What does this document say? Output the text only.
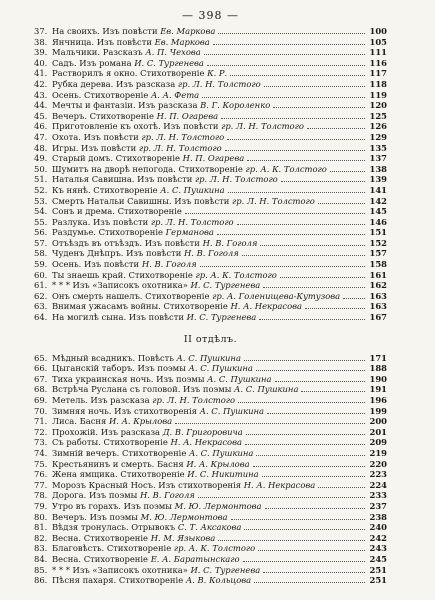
— 398 —
37. На своихъ. Изъ повѣсти Ев. Маркова	100
38. Янчница. Изъ повѣсти Ев. Маркова	105
39. Мальчики. Разсказъ А. П. Чехова	111
40. Садъ. Изъ романа И. С. Тургенева	116
41. Растворилъ я окно. Стихотвореніе К. Р.	117
42. Рубка дерева. Изъ разсказа гр. Л. Н. Толстого	118
43. Осень. Стихотвореніе А. А. Фета	119
44. Мечты и фантазіи. Изъ разсказа В. Г. Короленко	120
45. Вечеръ. Стихотвореніе Н. П. Огарева	125
46. Приготовленіе къ охотѣ. Изъ повѣсти гр. Л. Н. Толстого	126
47. Охота. Изъ повѣсти гр. Л. Н. Толстого	129
48. Игры. Изъ повѣсти гр. Л. Н. Толстого	135
49. Старый домъ. Стихотвореніе Н. П. Огарева	137
50. Шумитъ на дворѣ непогода. Стихотвореніе гр. А. К. Толстого	138
51. Наталья Савишна. Изъ повѣсти гр. Л. Н. Толстого	139
52. Къ нянѣ. Стихотвореніе А. С. Пушкина	141
53. Смерть Натальи Савишны. Изъ повѣсти гр. Л. Н. Толстого	142
54. Сонъ и дрема. Стихотвореніе	145
55. Разлука. Изъ повѣсти гр. Л. Н. Толстого	146
56. Раздумье. Стихотвореніе Германова	151
57. Отъѣздъ въ отъѣздъ. Изъ повѣсти Н. В. Гоголя	152
58. Чуденъ Днѣпръ. Изъ повѣсти Н. В. Гоголя	157
59. Осень. Изъ повѣсти Н. В. Гоголя	158
60. Ты знаешь край. Стихотвореніе гр. А. К. Толстого	161
61. * * * Изъ «Записокъ охотника» И. С. Тургенева	162
62. Онъ смерть нашелъ. Стихотвореніе гр. А. Голенищева-Кутузова	163
63. Внимая ужасамъ войны. Стихотвореніе Н. А. Некрасова	163
64. На могилѣ сына. Изъ повѣсти И. С. Тургенева	167
II отдѣлъ.
65. Мѣдный всадникъ. Повѣсть А. С. Пушкина	171
66. Цыганскій таборъ. Изъ поэмы А. С. Пушкина	188
67. Тиха украинская ночь. Изъ поэмы А. С. Пушкина	190
68. Встрѣча Руслана съ головой. Изъ поэмы А. С. Пушкина	191
69. Метель. Изъ разсказа гр. Л. Н. Толстого	196
70. Зимняя ночь. Изъ стихотворенія А. С. Пушкина	199
71. Лиса. Басня И. А. Крылова	200
72. Прохожій. Изъ разсказа Д. В. Григоровича	201
73. Съ работы. Стихотвореніе Н. А. Некрасова	209
74. Зимній вечеръ. Стихотвореніе А. С. Пушкина	219
75. Крестьянинъ и смерть. Басня И. А. Крылова	220
76. Жена ямщика. Стихотвореніе И. С. Никитина	223
77. Морозъ Красный Носъ. Изъ стихотворенія Н. А. Некрасова	224
78. Дорога. Изъ поэмы Н. В. Гоголя	233
79. Утро въ горахъ. Изъ поэмы М. Ю. Лермонтова	237
80. Вечеръ. Изъ поэмы М. Ю. Лермонтова	238
81. Вѣдзя тронулась. Отрывокъ С. Т. Аксакова	240
82. Весна. Стихотвореніе Н. М. Языкова	242
83. Благовѣсть. Стихотвореніе гр. А. К. Толстого	243
84. Весна. Стихотвореніе Е. А. Баратынскаго	245
85. * * * Изъ «Записокъ охотника» И. С. Тургенева	251
86. Пѣсня пахаря. Стихотвореніе А. В. Кольцова	251
